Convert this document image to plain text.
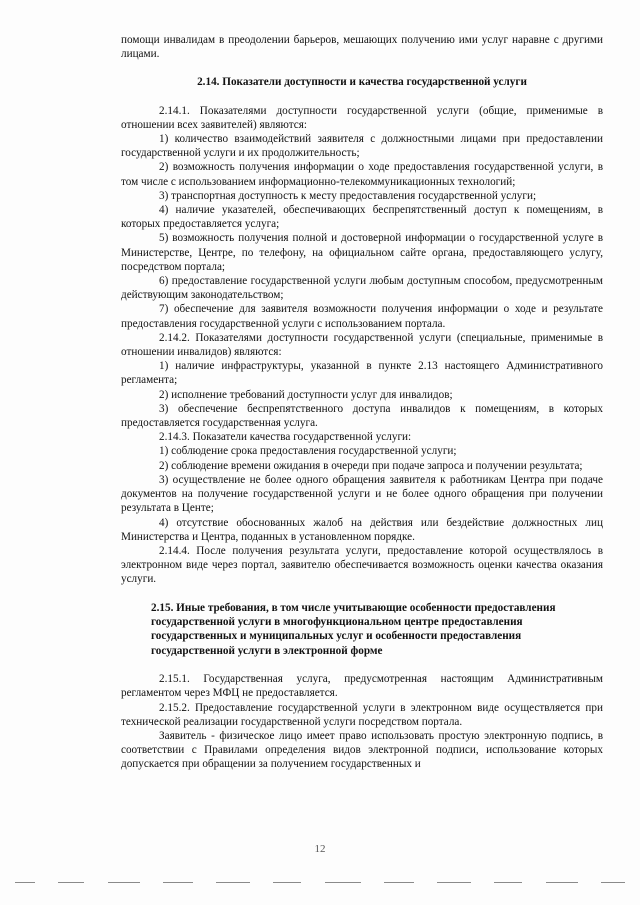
помощи инвалидам в преодолении барьеров, мешающих получению ими услуг наравне с другими лицами.

2.14. Показатели доступности и качества государственной услуги

2.14.1. Показателями доступности государственной услуги (общие, применимые в отношении всех заявителей) являются:

1) количество взаимодействий заявителя с должностными лицами при предоставлении государственной услуги и их продолжительность;

2) возможность получения информации о ходе предоставления государственной услуги, в том числе с использованием информационно-телекоммуникационных технологий;

3) транспортная доступность к месту предоставления государственной услуги;

4) наличие указателей, обеспечивающих беспрепятственный доступ к помещениям, в которых предоставляется услуга;

5) возможность получения полной и достоверной информации о государственной услуге в Министерстве, Центре, по телефону, на официальном сайте органа, предоставляющего услугу, посредством портала;

6) предоставление государственной услуги любым доступным способом, предусмотренным действующим законодательством;

7) обеспечение для заявителя возможности получения информации о ходе и результате предоставления государственной услуги с использованием портала.

2.14.2. Показателями доступности государственной услуги (специальные, применимые в отношении инвалидов) являются:

1) наличие инфраструктуры, указанной в пункте 2.13 настоящего Административного регламента;

2) исполнение требований доступности услуг для инвалидов;

3) обеспечение беспрепятственного доступа инвалидов к помещениям, в которых предоставляется государственная услуга.

2.14.3. Показатели качества государственной услуги:

1) соблюдение срока предоставления государственной услуги;

2) соблюдение времени ожидания в очереди при подаче запроса и получении результата;

3) осуществление не более одного обращения заявителя к работникам Центра при подаче документов на получение государственной услуги и не более одного обращения при получении результата в Центе;

4) отсутствие обоснованных жалоб на действия или бездействие должностных лиц Министерства и Центра, поданных в установленном порядке.

2.14.4. После получения результата услуги, предоставление которой осуществлялось в электронном виде через портал, заявителю обеспечивается возможность оценки качества оказания услуги.

2.15. Иные требования, в том числе учитывающие особенности предоставления государственной услуги в многофункциональном центре предоставления государственных и муниципальных услуг и особенности предоставления государственной услуги в электронной форме

2.15.1. Государственная услуга, предусмотренная настоящим Административным регламентом через МФЦ не предоставляется.

2.15.2. Предоставление государственной услуги в электронном виде осуществляется при технической реализации государственной услуги посредством портала.

Заявитель - физическое лицо имеет право использовать простую электронную подпись, в соответствии с Правилами определения видов электронной подписи, использование которых допускается при обращении за получением государственных и

12
